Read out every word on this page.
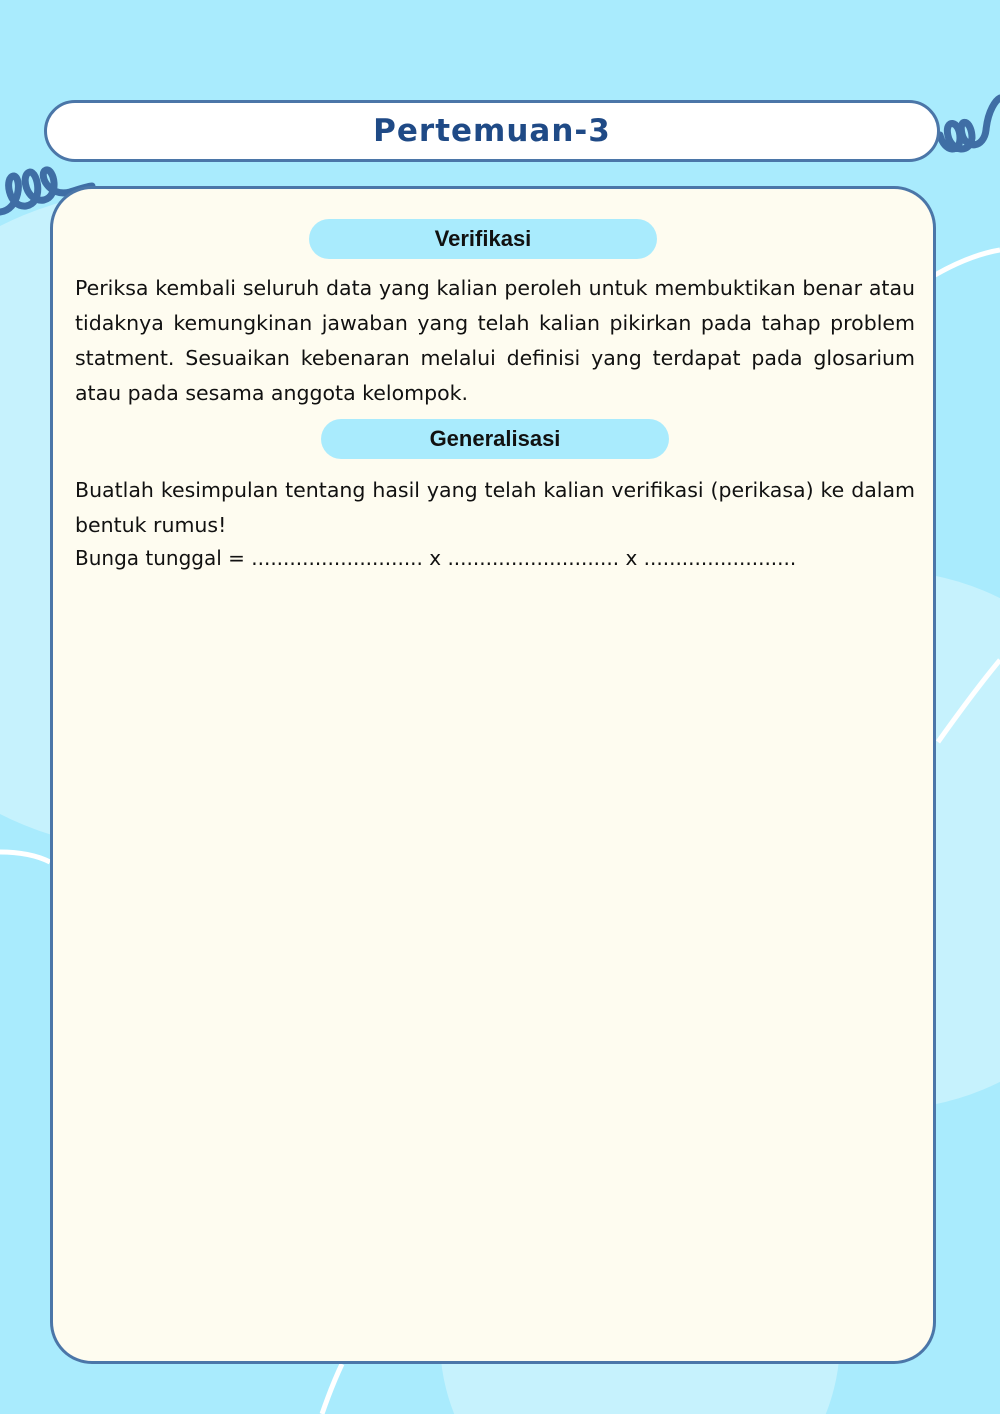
Pertemuan-3
Verifikasi

Periksa kembali seluruh data yang kalian peroleh untuk membuktikan benar atau tidaknya kemungkinan jawaban yang telah kalian pikirkan pada tahap problem statment. Sesuaikan kebenaran melalui definisi yang terdapat pada glosarium atau pada sesama anggota kelompok.

Generalisasi

Buatlah kesimpulan tentang hasil yang telah kalian verifikasi (perikasa) ke dalam bentuk rumus!

Bunga tunggal = ........................... x ........................... x ........................
